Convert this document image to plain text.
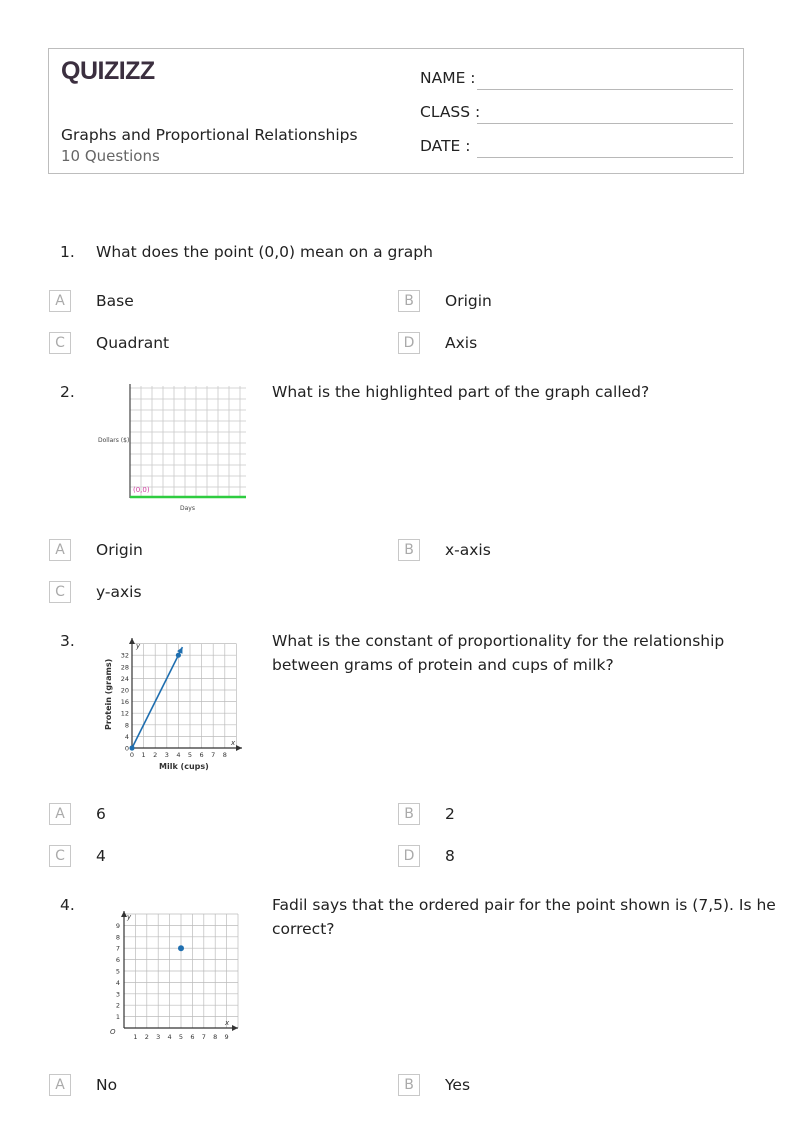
QUIZIZZ
Graphs and Proportional Relationships
10 Questions
NAME :
CLASS :
DATE :
1. What does the point (0,0) mean on a graph
A	Base	B	Origin
C	Quadrant	D	Axis
2.
Dollars ($)
Days
(0,0)
What is the highlighted part of the graph called?
A	Origin	B	x-axis
C	y-axis
3.
0
4
8
12
16
20
24
28
32
0 1 2 3 4 5 6 7 8
y
x
Milk (cups)
Protein (grams)
What is the constant of proportionality for the relationship
between grams of protein and cups of milk?
A	6	B	2
C	4	D	8
4.
1
2
3
4
5
6
7
8
9
1 2 3 4 5 6 7 8 9
y
x
O
Fadil says that the ordered pair for the point shown is (7,5). Is he
correct?
A	No	B	Yes
